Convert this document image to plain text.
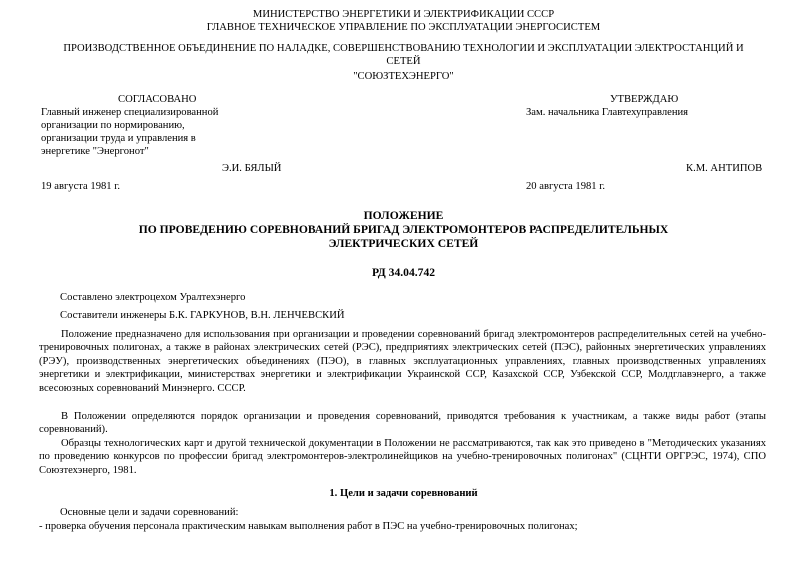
МИНИСТЕРСТВО ЭНЕРГЕТИКИ И ЭЛЕКТРИФИКАЦИИ СССР
ГЛАВНОЕ ТЕХНИЧЕСКОЕ УПРАВЛЕНИЕ ПО ЭКСПЛУАТАЦИИ ЭНЕРГОСИСТЕМ
ПРОИЗВОДСТВЕННОЕ ОБЪЕДИНЕНИЕ ПО НАЛАДКЕ, СОВЕРШЕНСТВОВАНИЮ ТЕХНОЛОГИИ И ЭКСПЛУАТАЦИИ ЭЛЕКТРОСТАНЦИЙ И
СЕТЕЙ
"СОЮЗТЕХЭНЕРГО"
СОГЛАСОВАНО
Главный инженер специализированной
организации по нормированию,
организации труда и управления в
энергетике "Энергонот"
Э.И. БЯЛЫЙ
19 августа 1981 г.
УТВЕРЖДАЮ
Зам. начальника Главтехуправления
К.М. АНТИПОВ
20 августа 1981 г.
ПОЛОЖЕНИЕ
ПО ПРОВЕДЕНИЮ СОРЕВНОВАНИЙ БРИГАД ЭЛЕКТРОМОНТЕРОВ РАСПРЕДЕЛИТЕЛЬНЫХ
ЭЛЕКТРИЧЕСКИХ СЕТЕЙ
РД 34.04.742
Составлено электроцехом Уралтехэнерго
Составители инженеры Б.К. ГАРКУНОВ, В.Н. ЛЕНЧЕВСКИЙ
Положение предназначено для использования при организации и проведении соревнований бригад электромонтеров распределительных сетей на учебно-тренировочных полигонах, а также в районах электрических сетей (РЭС), предприятиях электрических сетей (ПЭС), районных энергетических управлениях (РЭУ), производственных энергетических объединениях (ПЭО), в главных эксплуатационных управлениях, главных производственных управлениях энергетики и электрификации, министерствах энергетики и электрификации Украинской ССР, Казахской ССР, Узбекской ССР, Молдглавэнерго, а также всесоюзных соревнований Минэнерго. СССР.
В Положении определяются порядок организации и проведения соревнований, приводятся требования к участникам, а также виды работ (этапы соревнований).
Образцы технологических карт и другой технической документации в Положении не рассматриваются, так как это приведено в "Методических указаниях по проведению конкурсов по профессии бригад электромонтеров-электролинейщиков на учебно-тренировочных полигонах" (СЦНТИ ОРГРЭС, 1974), СПО Союзтехэнерго, 1981.
1. Цели и задачи соревнований
Основные цели и задачи соревнований:
- проверка обучения персонала практическим навыкам выполнения работ в ПЭС на учебно-тренировочных полигонах;
